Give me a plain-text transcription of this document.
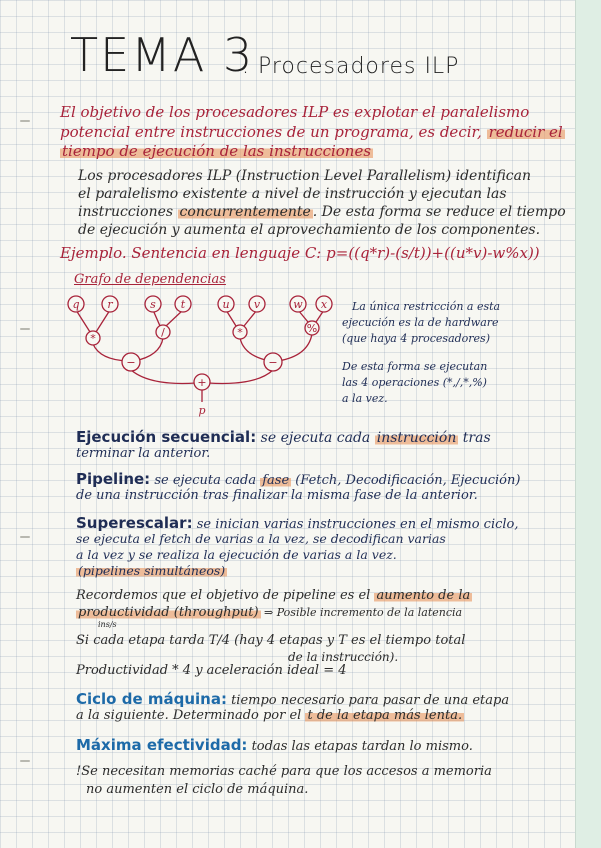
TEMA 3
. Procesadores ILP
El objetivo de los procesadores ILP es explotar el paralelismo
potencial entre instrucciones de un programa, es decir, reducir el
tiempo de ejecución de las instrucciones
Los procesadores ILP (Instruction Level Parallelism) identifican
el paralelismo existente a nivel de instrucción y ejecutan las
instrucciones concurrentemente . De esta forma se reduce el tiempo
de ejecución y aumenta el aprovechamiento de los componentes.
Ejemplo. Sentencia en lenguaje C: p=((q*r)-(s/t))+((u*v)-w%x))
Grafo de dependencias
q	r	s t	u v	w x
*	/	*	%
−	−
+
p
La única restricción a esta
ejecución es la de hardware
(que haya 4 procesadores)
De esta forma se ejecutan
las 4 operaciones (*,/,*,%)
a la vez.
Ejecución secuencial: se ejecuta cada instrucción tras
terminar la anterior.
Pipeline: se ejecuta cada fase (Fetch, Decodificación, Ejecución)
de una instrucción tras finalizar la misma fase de la anterior.
Superescalar: se inician varias instrucciones en el mismo ciclo,
se ejecuta el fetch de varias a la vez, se decodifican varias
a la vez y se realiza la ejecución de varias a la vez.
(pipelines simultáneos)
Recordemos que el objetivo de pipeline es el aumento de la
productividad (throughput) ⇒ Posible incremento de la latencia
ins/s
Si cada etapa tarda T/4 (hay 4 etapas y T es el tiempo total
de la instrucción).
Productividad * 4 y aceleración ideal = 4
Ciclo de máquina: tiempo necesario para pasar de una etapa
a la siguiente. Determinado por el t de la etapa más lenta.
Máxima efectividad: todas las etapas tardan lo mismo.
!Se necesitan memorias caché para que los accesos a memoria
no aumenten el ciclo de máquina.
